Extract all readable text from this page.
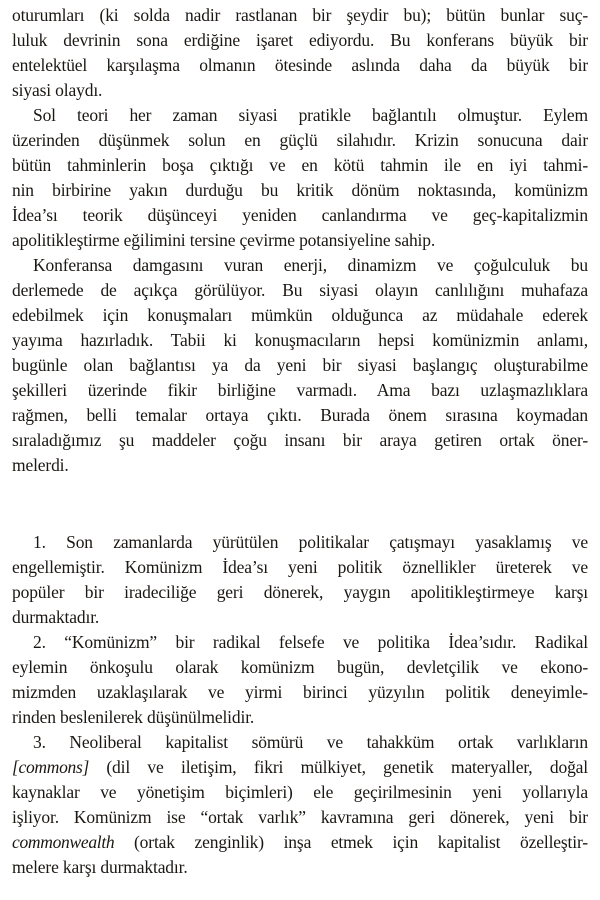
oturumları (ki solda nadir rastlanan bir şeydir bu); bütün bunlar suç-
luluk devrinin sona erdiğine işaret ediyordu. Bu konferans büyük bir
entelektüel karşılaşma olmanın ötesinde aslında daha da büyük bir
siyasi olaydı.
Sol teori her zaman siyasi pratikle bağlantılı olmuştur. Eylem
üzerinden düşünmek solun en güçlü silahıdır. Krizin sonucuna dair
bütün tahminlerin boşa çıktığı ve en kötü tahmin ile en iyi tahmi-
nin birbirine yakın durduğu bu kritik dönüm noktasında, komünizm
İdea’sı teorik düşünceyi yeniden canlandırma ve geç-kapitalizmin
apolitikleştirme eğilimini tersine çevirme potansiyeline sahip.
Konferansa damgasını vuran enerji, dinamizm ve çoğulculuk bu
derlemede de açıkça görülüyor. Bu siyasi olayın canlılığını muhafaza
edebilmek için konuşmaları mümkün olduğunca az müdahale ederek
yayıma hazırladık. Tabii ki konuşmacıların hepsi komünizmin anlamı,
bugünle olan bağlantısı ya da yeni bir siyasi başlangıç oluşturabilme
şekilleri üzerinde fikir birliğine varmadı. Ama bazı uzlaşmazlıklara
rağmen, belli temalar ortaya çıktı. Burada önem sırasına koymadan
sıraladığımız şu maddeler çoğu insanı bir araya getiren ortak öner-
melerdi.
1. Son zamanlarda yürütülen politikalar çatışmayı yasaklamış ve
engellemiştir. Komünizm İdea’sı yeni politik öznellikler üreterek ve
popüler bir iradeciliğe geri dönerek, yaygın apolitikleştirmeye karşı
durmaktadır.
2. “Komünizm” bir radikal felsefe ve politika İdea’sıdır. Radikal
eylemin önkoşulu olarak komünizm bugün, devletçilik ve ekono-
mizmden uzaklaşılarak ve yirmi birinci yüzyılın politik deneyimle-
rinden beslenilerek düşünülmelidir.
3. Neoliberal kapitalist sömürü ve tahakküm ortak varlıkların
[commons] (dil ve iletişim, fikri mülkiyet, genetik materyaller, doğal
kaynaklar ve yönetişim biçimleri) ele geçirilmesinin yeni yollarıyla
işliyor. Komünizm ise “ortak varlık” kavramına geri dönerek, yeni bir
commonwealth (ortak zenginlik) inşa etmek için kapitalist özelleştir-
melere karşı durmaktadır.
